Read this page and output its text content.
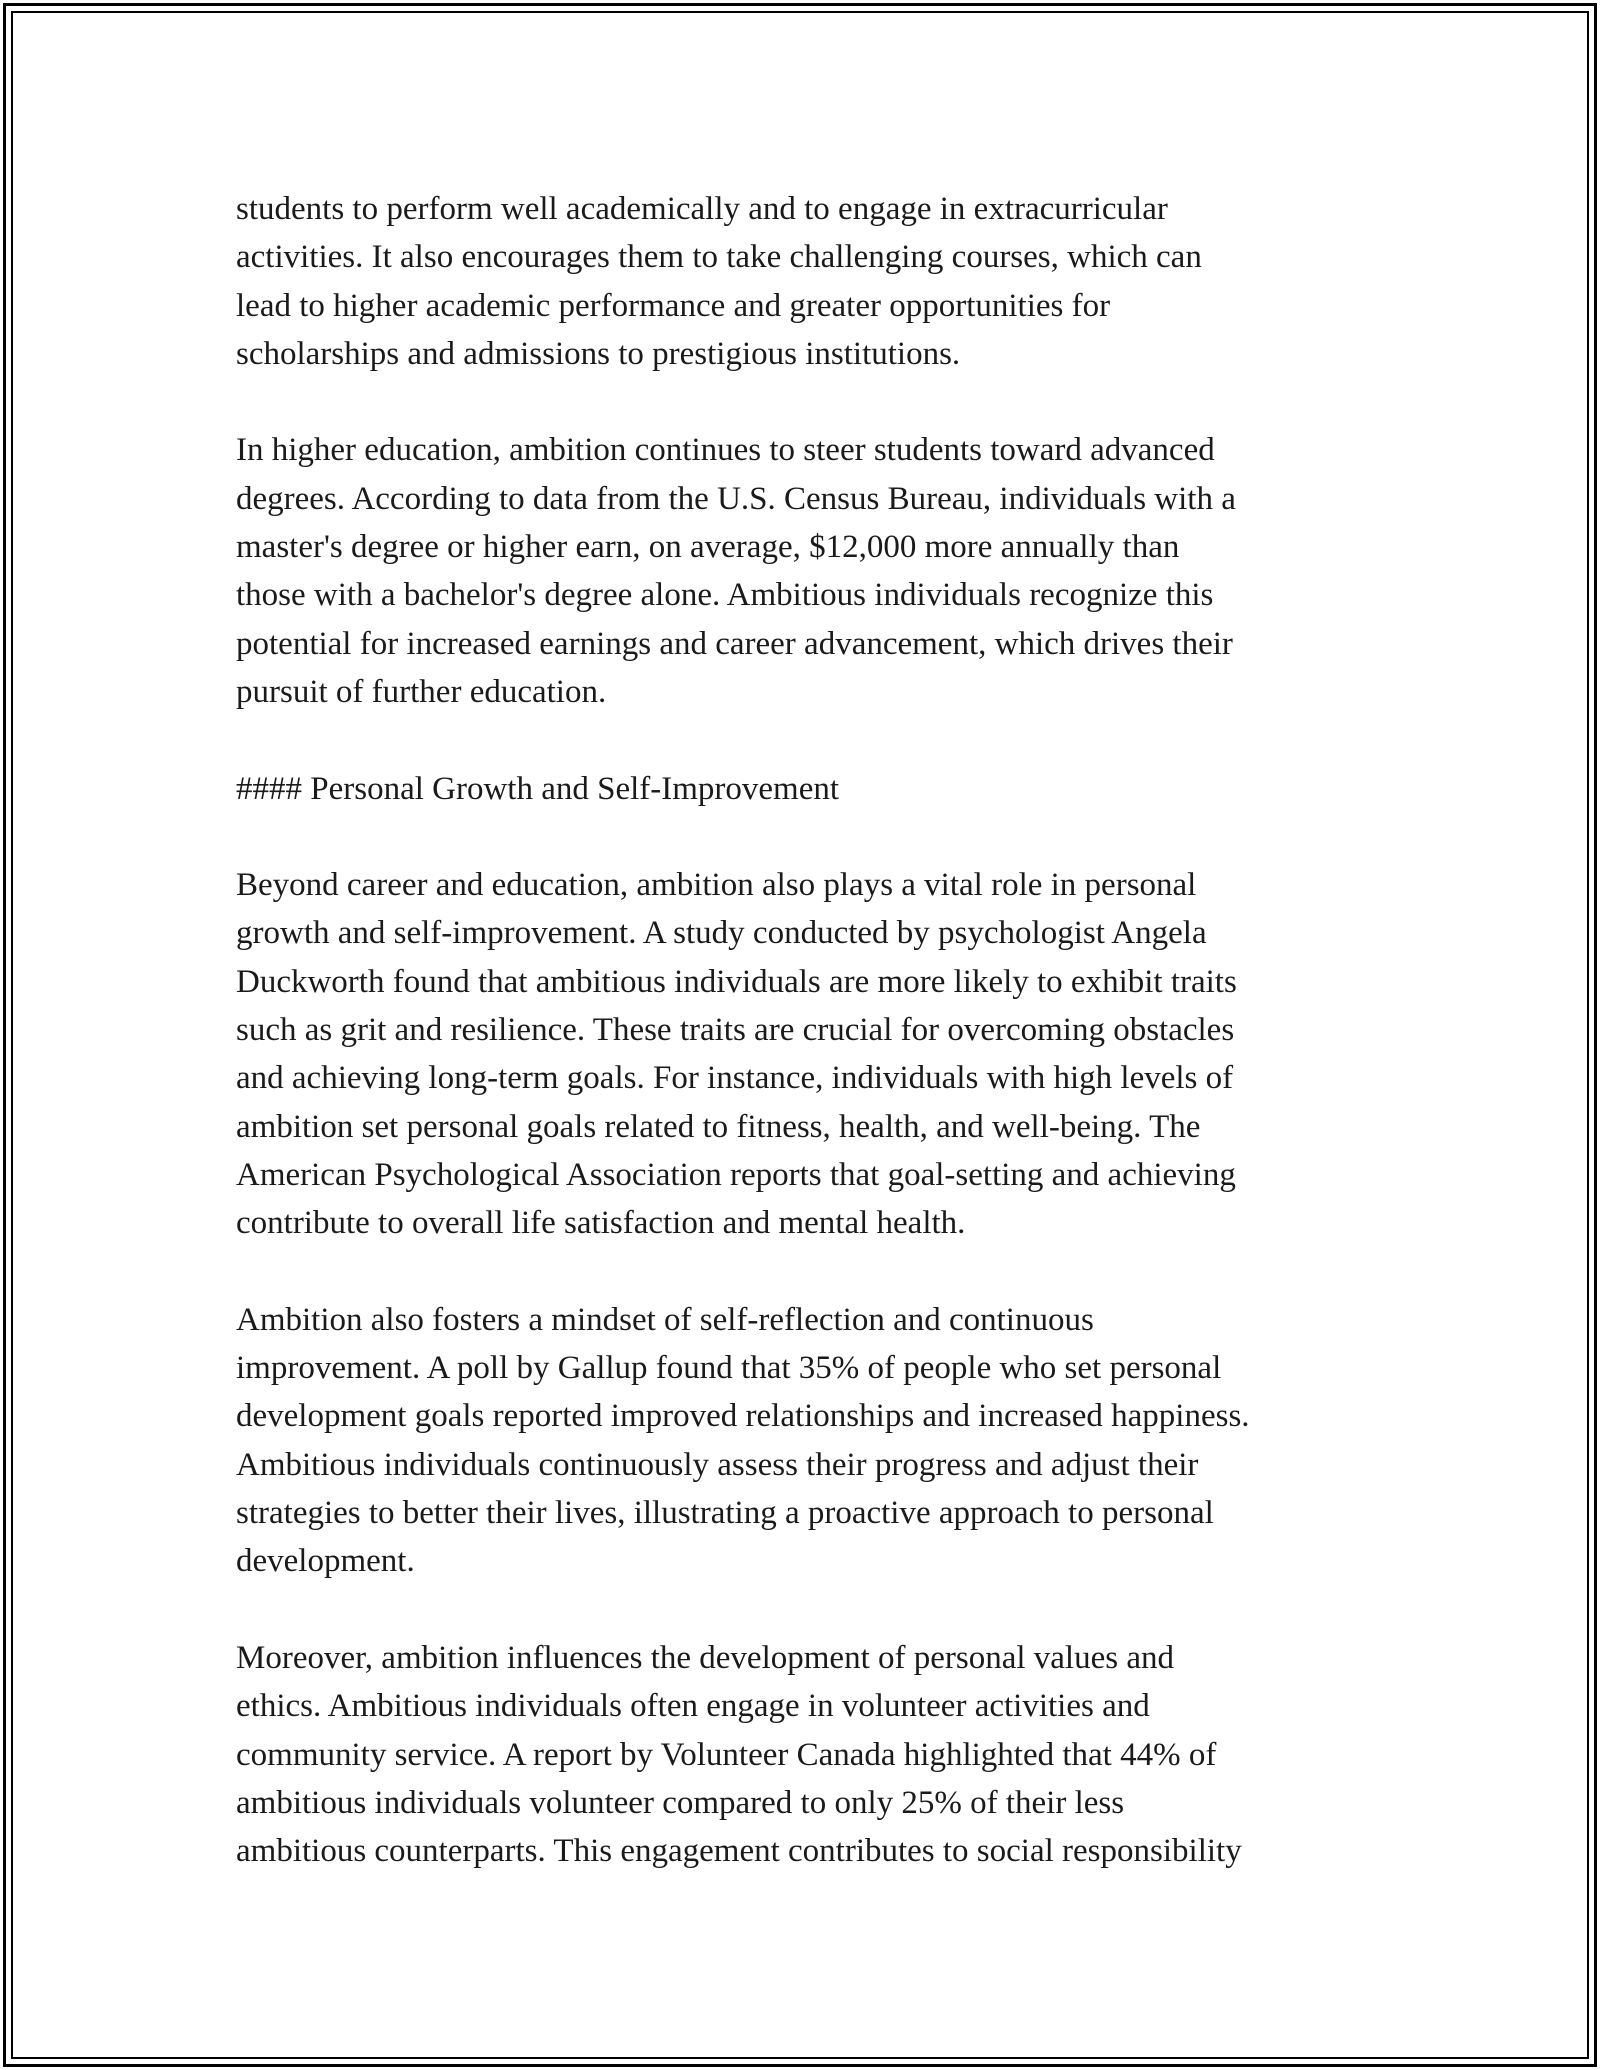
students to perform well academically and to engage in extracurricular
activities. It also encourages them to take challenging courses, which can
lead to higher academic performance and greater opportunities for
scholarships and admissions to prestigious institutions.

In higher education, ambition continues to steer students toward advanced
degrees. According to data from the U.S. Census Bureau, individuals with a
master's degree or higher earn, on average, $12,000 more annually than
those with a bachelor's degree alone. Ambitious individuals recognize this
potential for increased earnings and career advancement, which drives their
pursuit of further education.

#### Personal Growth and Self-Improvement

Beyond career and education, ambition also plays a vital role in personal
growth and self-improvement. A study conducted by psychologist Angela
Duckworth found that ambitious individuals are more likely to exhibit traits
such as grit and resilience. These traits are crucial for overcoming obstacles
and achieving long-term goals. For instance, individuals with high levels of
ambition set personal goals related to fitness, health, and well-being. The
American Psychological Association reports that goal-setting and achieving
contribute to overall life satisfaction and mental health.

Ambition also fosters a mindset of self-reflection and continuous
improvement. A poll by Gallup found that 35% of people who set personal
development goals reported improved relationships and increased happiness.
Ambitious individuals continuously assess their progress and adjust their
strategies to better their lives, illustrating a proactive approach to personal
development.

Moreover, ambition influences the development of personal values and
ethics. Ambitious individuals often engage in volunteer activities and
community service. A report by Volunteer Canada highlighted that 44% of
ambitious individuals volunteer compared to only 25% of their less
ambitious counterparts. This engagement contributes to social responsibility
